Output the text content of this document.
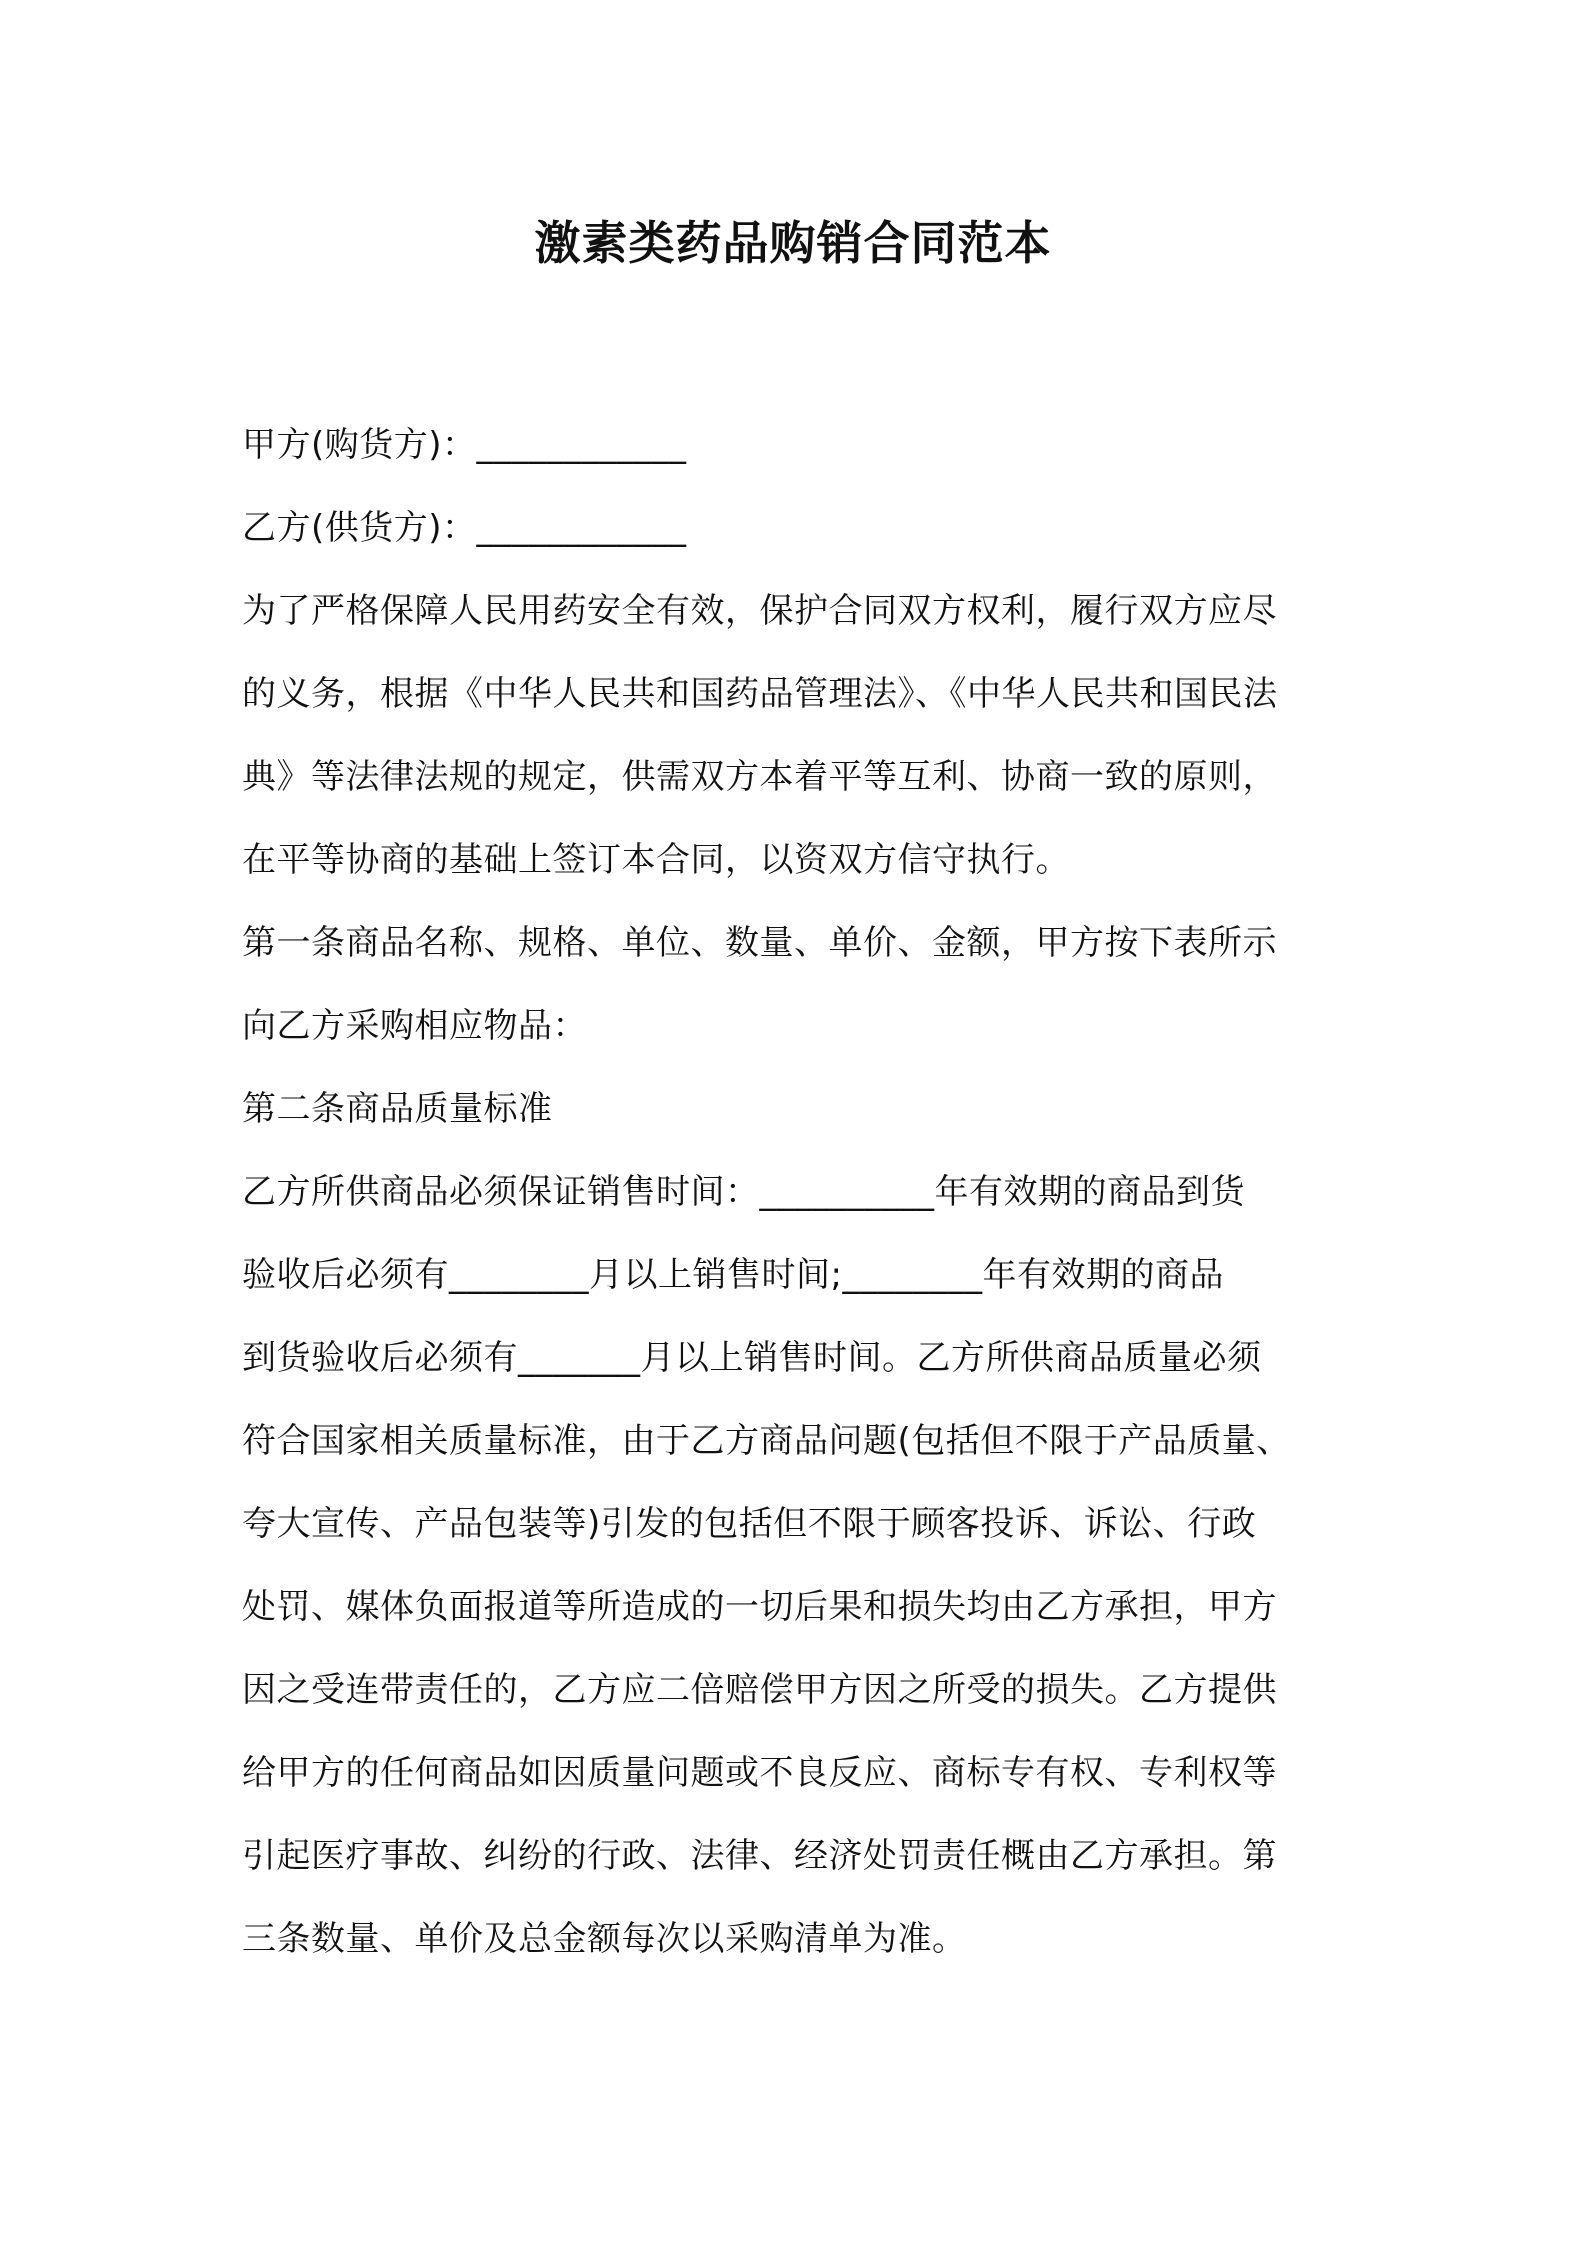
激素类药品购销合同范本
甲方(购货方)：____________
乙方(供货方)：____________
为了严格保障人民用药安全有效，保护合同双方权利，履行双方应尽
的义务，根据《中华人民共和国药品管理法》、《中华人民共和国民法
典》等法律法规的规定，供需双方本着平等互利、协商一致的原则，
在平等协商的基础上签订本合同，以资双方信守执行。
第一条商品名称、规格、单位、数量、单价、金额，甲方按下表所示
向乙方采购相应物品：
第二条商品质量标准
乙方所供商品必须保证销售时间：__________年有效期的商品到货
验收后必须有________月以上销售时间;________年有效期的商品
到货验收后必须有_______月以上销售时间。乙方所供商品质量必须
符合国家相关质量标准，由于乙方商品问题(包括但不限于产品质量、
夸大宣传、产品包装等)引发的包括但不限于顾客投诉、诉讼、行政
处罚、媒体负面报道等所造成的一切后果和损失均由乙方承担，甲方
因之受连带责任的，乙方应二倍赔偿甲方因之所受的损失。乙方提供
给甲方的任何商品如因质量问题或不良反应、商标专有权、专利权等
引起医疗事故、纠纷的行政、法律、经济处罚责任概由乙方承担。第
三条数量、单价及总金额每次以采购清单为准。
